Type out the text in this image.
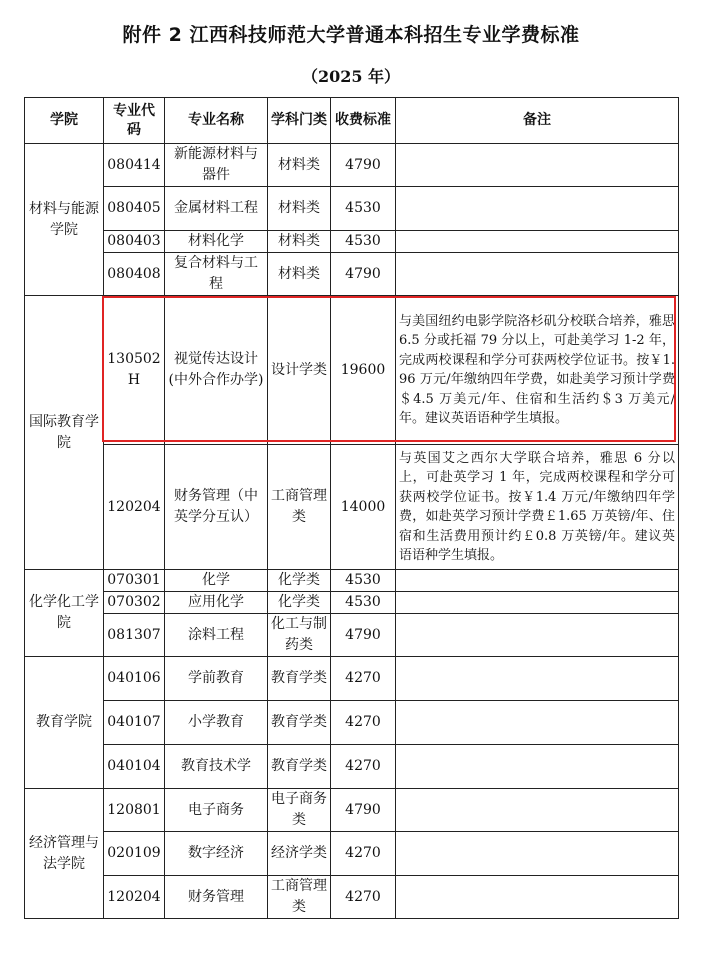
附件 2 江西科技师范大学普通本科招生专业学费标准
（2025 年）
学院	专业代码	专业名称	学科门类	收费标准	备注
材料与能源学院	080414	新能源材料与器件	材料类	4790	
	080405	金属材料工程	材料类	4530	
	080403	材料化学	材料类	4530	
	080408	复合材料与工程	材料类	4790	
国际教育学院	130502H	视觉传达设计(中外合作办学)	设计学类	19600	与美国纽约电影学院洛杉矶分校联合培养，雅思 6.5 分或托福 79 分以上，可赴美学习 1-2 年，完成两校课程和学分可获两校学位证书。按￥1.96 万元/年缴纳四年学费，如赴美学习预计学费＄4.5 万美元/年、住宿和生活约＄3 万美元/年。建议英语语种学生填报。
	120204	财务管理（中英学分互认）	工商管理类	14000	与英国艾之西尔大学联合培养，雅思 6 分以上，可赴英学习 1 年，完成两校课程和学分可获两校学位证书。按￥1.4 万元/年缴纳四年学费，如赴英学习预计学费￡1.65 万英镑/年、住宿和生活费用预计约￡0.8 万英镑/年。建议英语语种学生填报。
化学化工学院	070301	化学	化学类	4530	
	070302	应用化学	化学类	4530	
	081307	涂料工程	化工与制药类	4790	
教育学院	040106	学前教育	教育学类	4270	
	040107	小学教育	教育学类	4270	
	040104	教育技术学	教育学类	4270	
经济管理与法学院	120801	电子商务	电子商务类	4790	
	020109	数字经济	经济学类	4270	
	120204	财务管理	工商管理类	4270	
